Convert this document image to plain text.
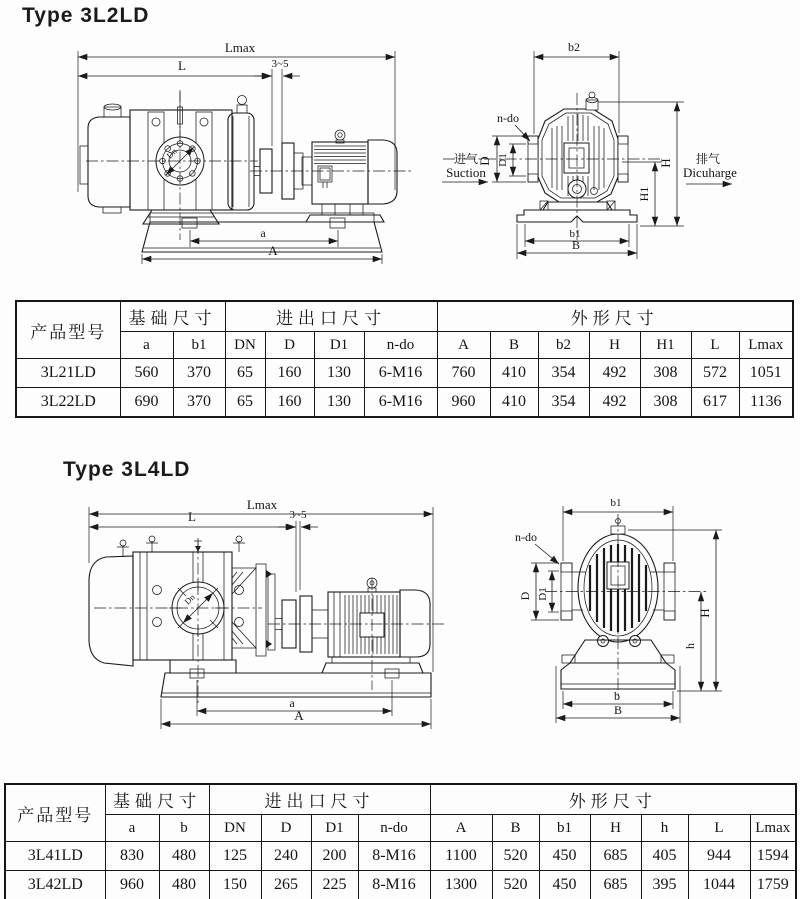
Type 3L2LD
Lmax
L	3~5
Dn
a
A
b2
n-do
D D1
进气
Suction
排气
Dicuharge
H
H1
b1
B
产品型号	基础尺寸		进出口尺寸				外形尺寸						
	a	b1	DN	D	D1	n-do	A	B	b2	H	H1	L	Lmax
3L21LD	560	370	65	160	130	6-M16	760	410	354	492	308	572	1051
3L22LD	690	370	65	160	130	6-M16	960	410	354	492	308	617	1136
Type 3L4LD
Lmax
L	3~5
Dn
a
A
b1
n-do
D D1
H
h
b
B
产品型号	基础尺寸		进出口尺寸				外形尺寸						
	a	b	DN	D	D1	n-do	A	B	b1	H	h	L	Lmax
3L41LD	830	480	125	240	200	8-M16	1100	520	450	685	405	944	1594
3L42LD	960	480	150	265	225	8-M16	1300	520	450	685	395	1044	1759
